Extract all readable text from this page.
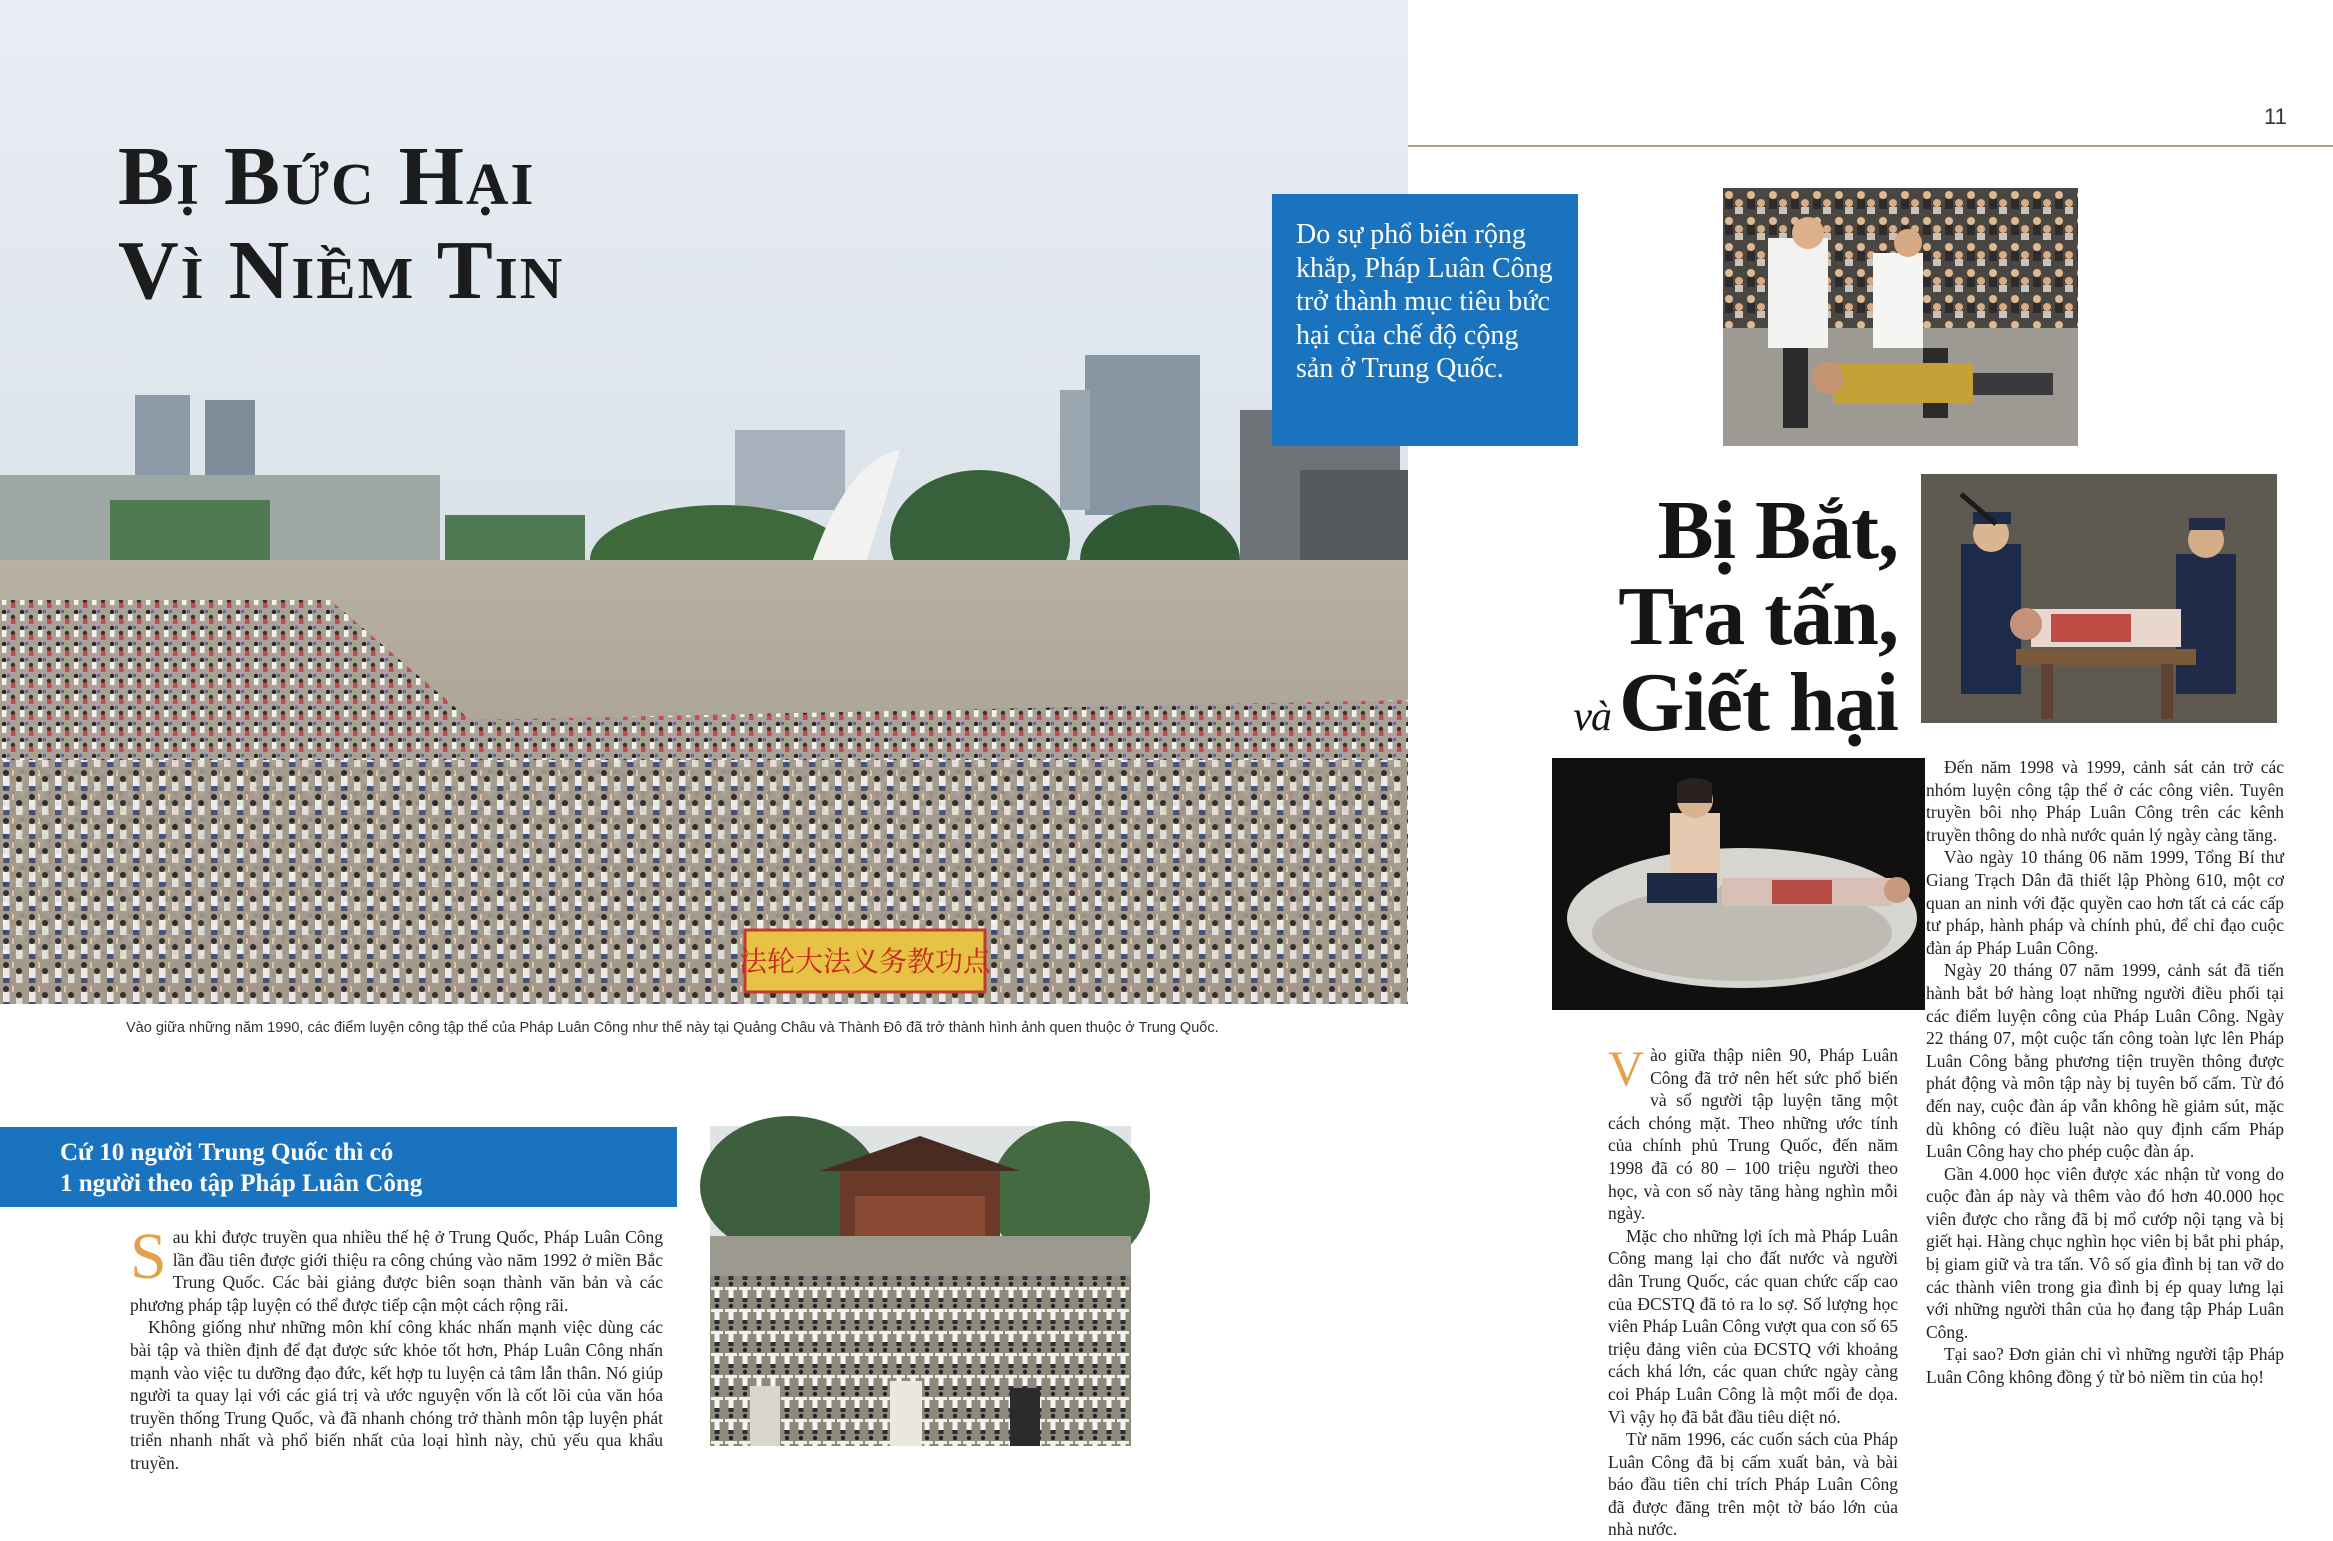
法轮大法义务教功点
Bị Bức Hại
Vì Niềm Tin
Vào giữa những năm 1990, các điểm luyện công tập thể của Pháp Luân Công như thế này tại Quảng Châu và Thành Đô đã trở thành hình ảnh quen thuộc ở Trung Quốc.
Cứ 10 người Trung Quốc thì có
1 người theo tập Pháp Luân Công

Sau khi được truyền qua nhiều thế hệ ở Trung Quốc, Pháp Luân Công lần đầu tiên được giới thiệu ra công chúng vào năm 1992 ở miền Bắc Trung Quốc. Các bài giảng được biên soạn thành văn bản và các phương pháp tập luyện có thể được tiếp cận một cách rộng rãi.

Không giống như những môn khí công khác nhấn mạnh việc dùng các bài tập và thiền định để đạt được sức khỏe tốt hơn, Pháp Luân Công nhấn mạnh vào việc tu dưỡng đạo đức, kết hợp tu luyện cả tâm lẫn thân. Nó giúp người ta quay lại với các giá trị và ước nguyện vốn là cốt lõi của văn hóa truyền thống Trung Quốc, và đã nhanh chóng trở thành môn tập luyện phát triển nhanh nhất và phổ biến nhất của loại hình này, chủ yếu qua khẩu truyền.

11
Do sự phổ biến rộng khắp, Pháp Luân Công trở thành mục tiêu bức hại của chế độ cộng sản ở Trung Quốc.
Bị Bắt,
Tra tấn,
vàGiết hại

Vào giữa thập niên 90, Pháp Luân Công đã trở nên hết sức phổ biến và số người tập luyện tăng một cách chóng mặt. Theo những ước tính của chính phủ Trung Quốc, đến năm 1998 đã có 80 – 100 triệu người theo học, và con số này tăng hàng nghìn mỗi ngày.

Mặc cho những lợi ích mà Pháp Luân Công mang lại cho đất nước và người dân Trung Quốc, các quan chức cấp cao của ĐCSTQ đã tỏ ra lo sợ. Số lượng học viên Pháp Luân Công vượt qua con số 65 triệu đảng viên của ĐCSTQ với khoảng cách khá lớn, các quan chức ngày càng coi Pháp Luân Công là một mối đe dọa. Vì vậy họ đã bắt đầu tiêu diệt nó.

Từ năm 1996, các cuốn sách của Pháp Luân Công đã bị cấm xuất bản, và bài báo đầu tiên chỉ trích Pháp Luân Công đã được đăng trên một tờ báo lớn của nhà nước.

Đến năm 1998 và 1999, cảnh sát cản trở các nhóm luyện công tập thể ở các công viên. Tuyên truyền bôi nhọ Pháp Luân Công trên các kênh truyền thông do nhà nước quản lý ngày càng tăng.

Vào ngày 10 tháng 06 năm 1999, Tổng Bí thư Giang Trạch Dân đã thiết lập Phòng 610, một cơ quan an ninh với đặc quyền cao hơn tất cả các cấp tư pháp, hành pháp và chính phủ, để chỉ đạo cuộc đàn áp Pháp Luân Công.

Ngày 20 tháng 07 năm 1999, cảnh sát đã tiến hành bắt bớ hàng loạt những người điều phối tại các điểm luyện công của Pháp Luân Công. Ngày 22 tháng 07, một cuộc tấn công toàn lực lên Pháp Luân Công bằng phương tiện truyền thông được phát động và môn tập này bị tuyên bố cấm. Từ đó đến nay, cuộc đàn áp vẫn không hề giảm sút, mặc dù không có điều luật nào quy định cấm Pháp Luân Công hay cho phép cuộc đàn áp.

Gần 4.000 học viên được xác nhận từ vong do cuộc đàn áp này và thêm vào đó hơn 40.000 học viên được cho rằng đã bị mổ cướp nội tạng và bị giết hại. Hàng chục nghìn học viên bị bắt phi pháp, bị giam giữ và tra tấn. Vô số gia đình bị tan vỡ do các thành viên trong gia đình bị ép quay lưng lại với những người thân của họ đang tập Pháp Luân Công.

Tại sao? Đơn giản chỉ vì những người tập Pháp Luân Công không đồng ý từ bỏ niềm tin của họ!
